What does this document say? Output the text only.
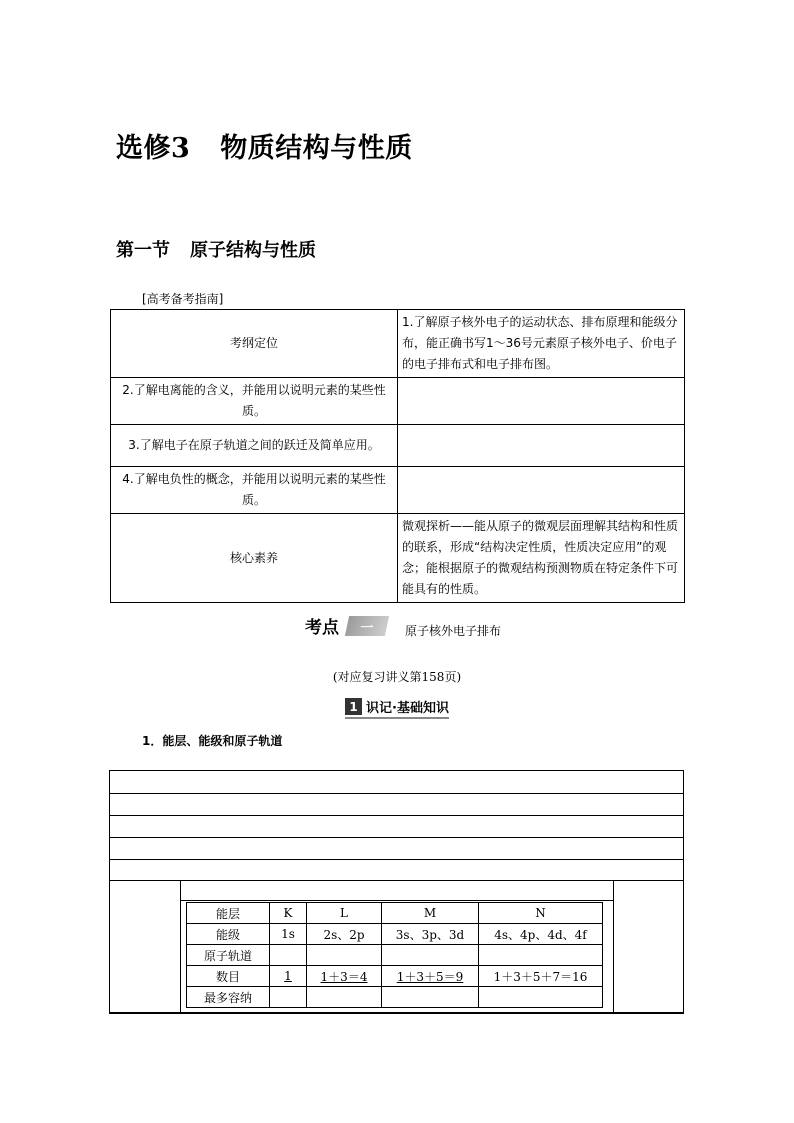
选修3 物质结构与性质
第一节 原子结构与性质
[高考备考指南]
考纲定位	1.了解原子核外电子的运动状态、排布原理和能级分布，能正确书写1～36号元素原子核外电子、价电子的电子排布式和电子排布图。
2.了解电离能的含义，并能用以说明元素的某些性质。	
3.了解电子在原子轨道之间的跃迁及简单应用。	
4.了解电负性的概念，并能用以说明元素的某些性质。	
核心素养	微观探析——能从原子的微观层面理解其结构和性质的联系，形成“结构决定性质，性质决定应用”的观念；能根据原子的微观结构预测物质在特定条件下可能具有的性质。
考点	一	原子核外电子排布
(对应复习讲义第158页)
1 识记·基础知识
1．能层、能级和原子轨道
能层	K	L	M	N
能级	1s	2s、2p	3s、3p、3d	4s、4p、4d、4f
原子轨道				
数目	1	1＋3＝4	1＋3＋5＝9	1＋3＋5＋7＝16
最多容纳				
